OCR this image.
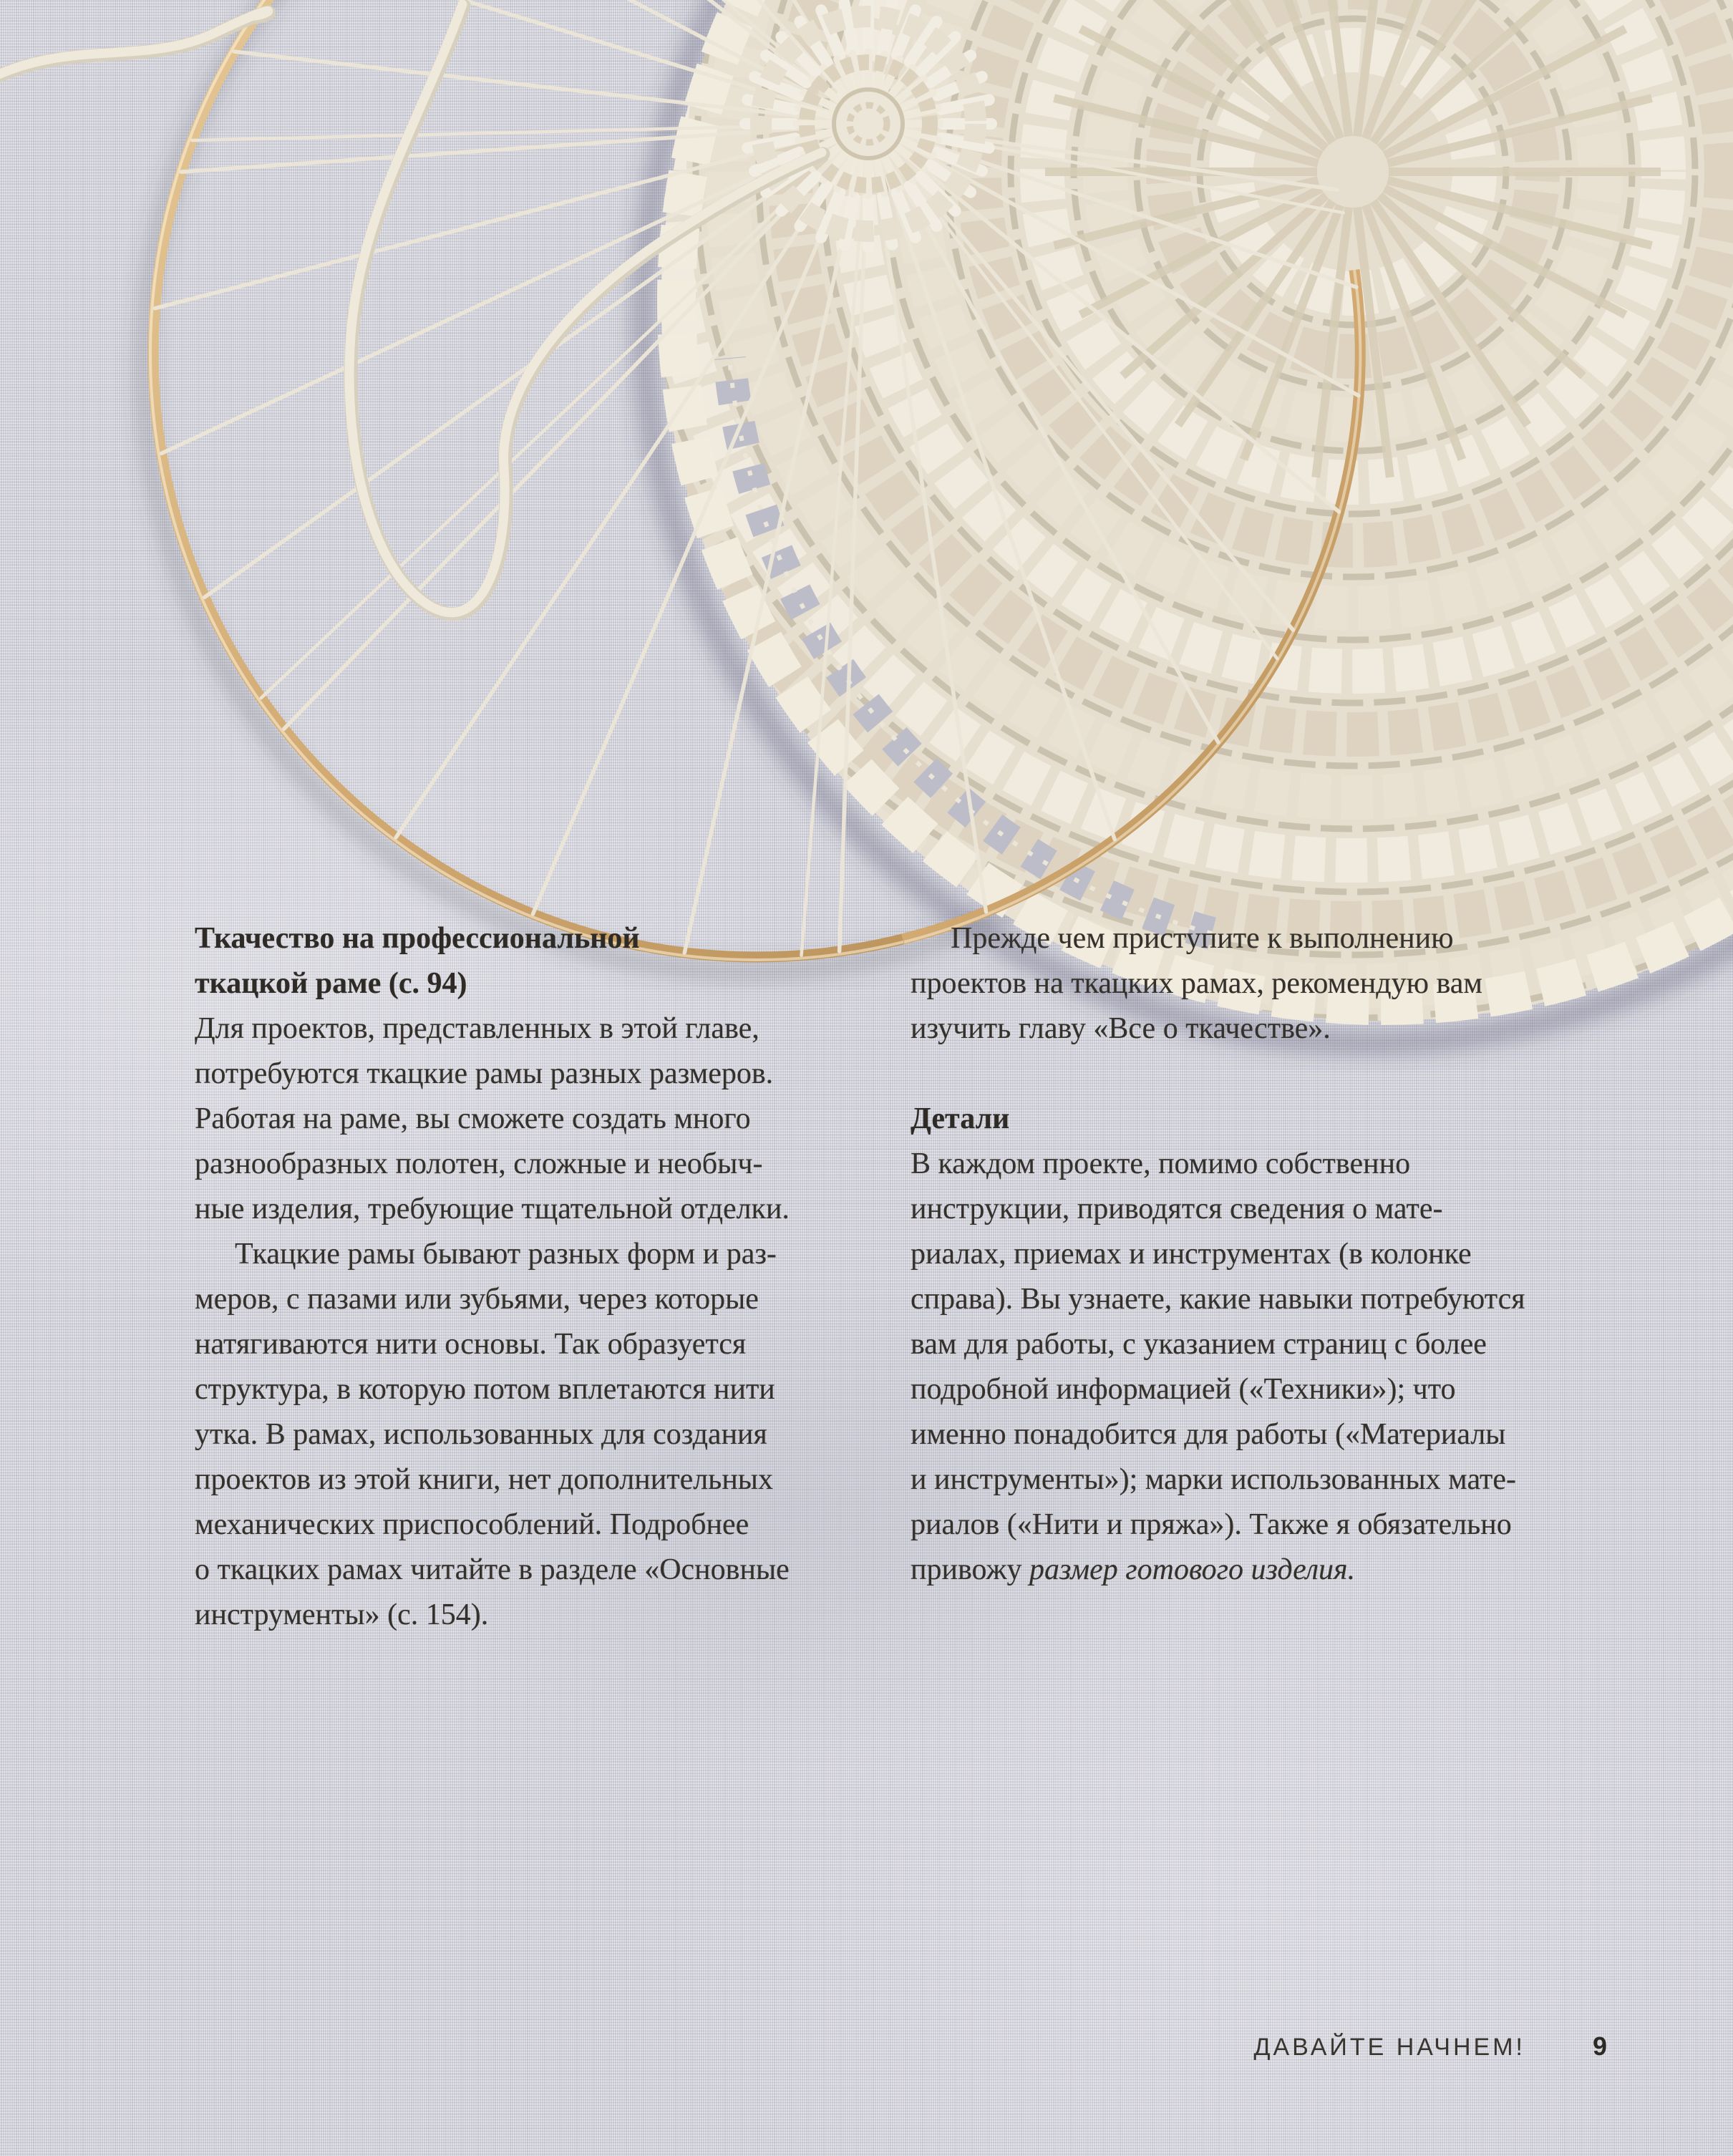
Ткачество на профессиональной
ткацкой раме (с. 94)

Для проектов, представленных в этой главе,

потребуются ткацкие рамы разных размеров.

Работая на раме, вы сможете создать много

разнообразных полотен, сложные и необыч-

ные изделия, требующие тщательной отделки.

Ткацкие рамы бывают разных форм и раз-

меров, с пазами или зубьями, через которые

натягиваются нити основы. Так образуется

структура, в которую потом вплетаются нити

утка. В рамах, использованных для создания

проектов из этой книги, нет дополнительных

механических приспособлений. Подробнее

о ткацких рамах читайте в разделе «Основные

инструменты» (с. 154).

Прежде чем приступите к выполнению

проектов на ткацких рамах, рекомендую вам

изучить главу «Все о ткачестве».

Детали

В каждом проекте, помимо собственно

инструкции, приводятся сведения о мате-

риалах, приемах и инструментах (в колонке

справа). Вы узнаете, какие навыки потребуются

вам для работы, с указанием страниц с более

подробной информацией («Техники»); что

именно понадобится для работы («Материалы

и инструменты»); марки использованных мате-

риалов («Нити и пряжа»). Также я обязательно

привожу размер готового изделия.

ДАВАЙТЕ НАЧНЕМ!	9
